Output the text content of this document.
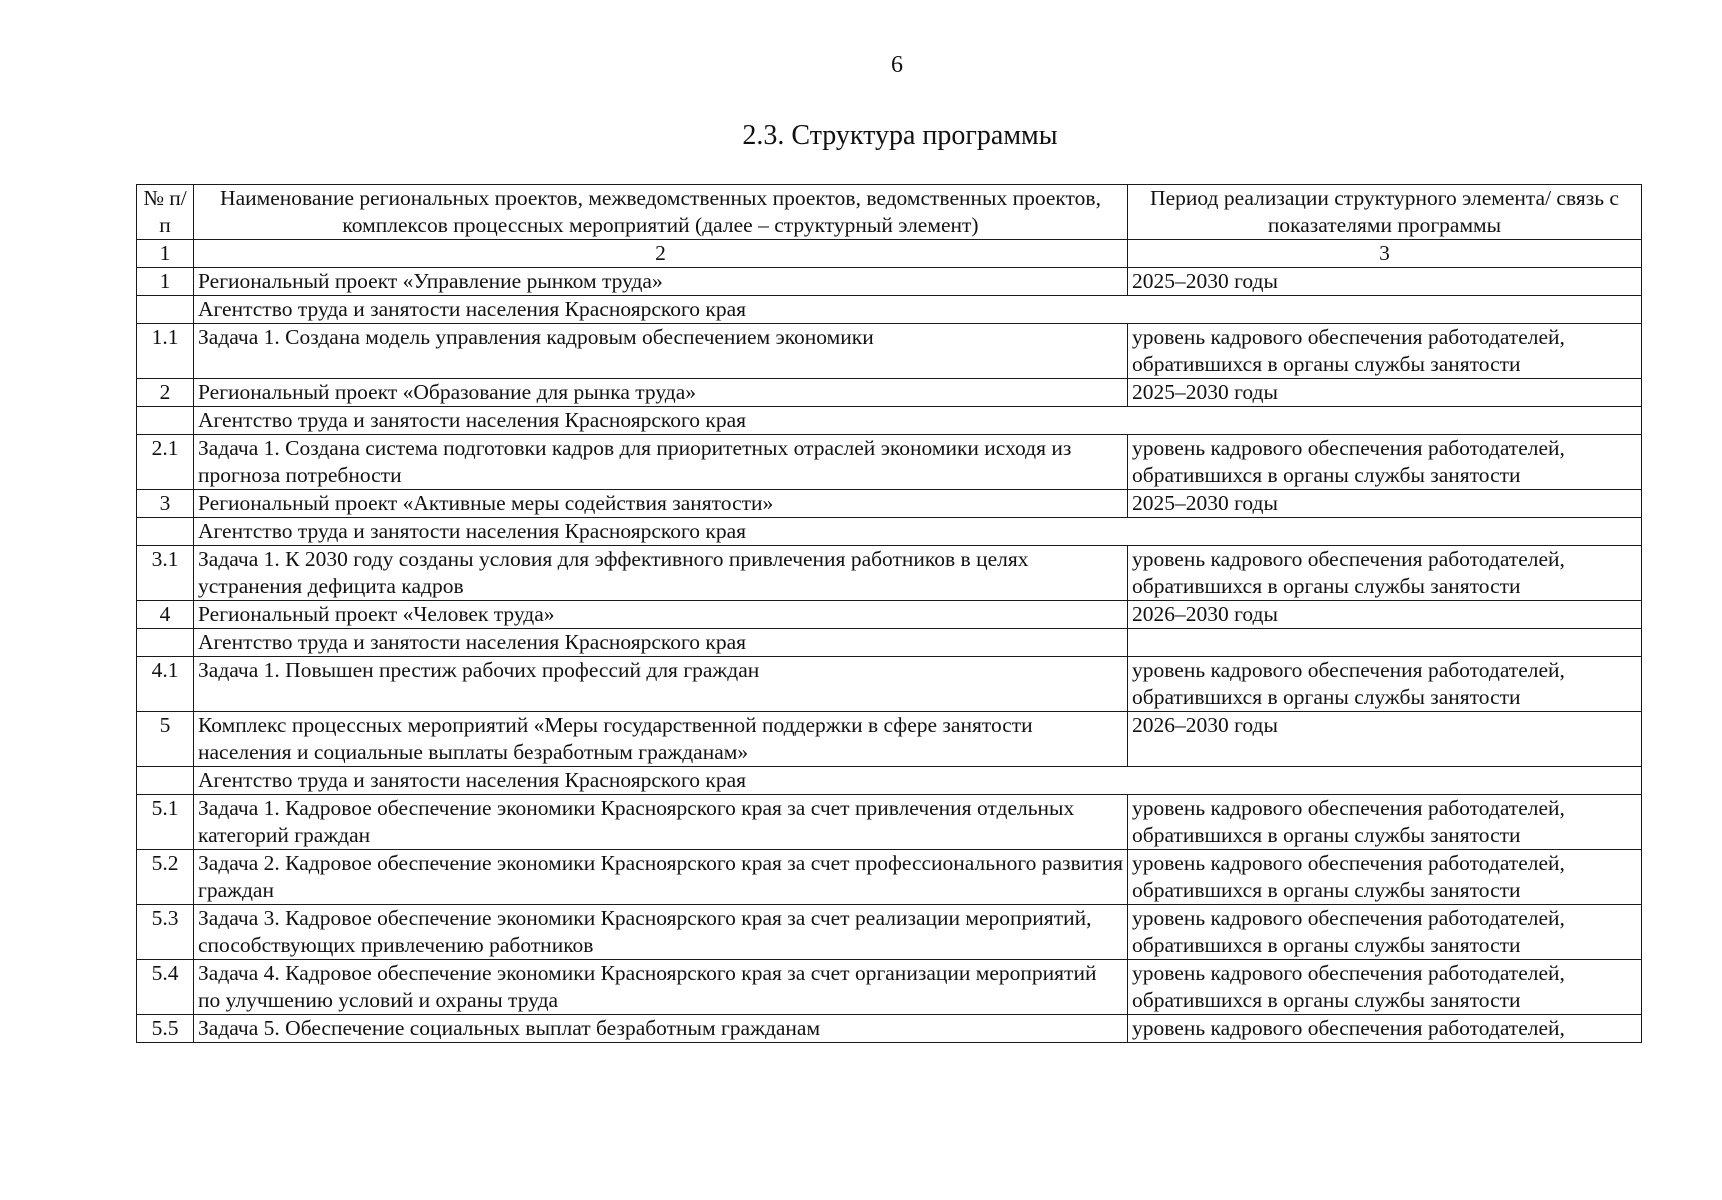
6
2.3. Структура программы
№ п/п	Наименование региональных проектов, межведомственных проектов, ведомственных проектов, комплексов процессных мероприятий (далее – структурный элемент)	Период реализации структурного элемента/ связь с показателями программы
1	2	3
1	Региональный проект «Управление рынком труда»	2025–2030 годы
	Агентство труда и занятости населения Красноярского края	
1.1	Задача 1. Создана модель управления кадровым обеспечением экономики	уровень кадрового обеспечения работодателей, обратившихся в органы службы занятости
2	Региональный проект «Образование для рынка труда»	2025–2030 годы
	Агентство труда и занятости населения Красноярского края	
2.1	Задача 1. Создана система подготовки кадров для приоритетных отраслей экономики исходя из прогноза потребности	уровень кадрового обеспечения работодателей, обратившихся в органы службы занятости
3	Региональный проект «Активные меры содействия занятости»	2025–2030 годы
	Агентство труда и занятости населения Красноярского края	
3.1	Задача 1. К 2030 году созданы условия для эффективного привлечения работников в целях устранения дефицита кадров	уровень кадрового обеспечения работодателей, обратившихся в органы службы занятости
4	Региональный проект «Человек труда»	2026–2030 годы
	Агентство труда и занятости населения Красноярского края	
4.1	Задача 1. Повышен престиж рабочих профессий для граждан	уровень кадрового обеспечения работодателей, обратившихся в органы службы занятости
5	Комплекс процессных мероприятий «Меры государственной поддержки в сфере занятости населения и социальные выплаты безработным гражданам»	2026–2030 годы
	Агентство труда и занятости населения Красноярского края	
5.1	Задача 1. Кадровое обеспечение экономики Красноярского края за счет привлечения отдельных категорий граждан	уровень кадрового обеспечения работодателей, обратившихся в органы службы занятости
5.2	Задача 2. Кадровое обеспечение экономики Красноярского края за счет профессионального развития граждан	уровень кадрового обеспечения работодателей, обратившихся в органы службы занятости
5.3	Задача 3. Кадровое обеспечение экономики Красноярского края за счет реализации мероприятий, способствующих привлечению работников	уровень кадрового обеспечения работодателей, обратившихся в органы службы занятости
5.4	Задача 4. Кадровое обеспечение экономики Красноярского края за счет организации мероприятий по улучшению условий и охраны труда	уровень кадрового обеспечения работодателей, обратившихся в органы службы занятости
5.5	Задача 5. Обеспечение социальных выплат безработным гражданам	уровень кадрового обеспечения работодателей,
